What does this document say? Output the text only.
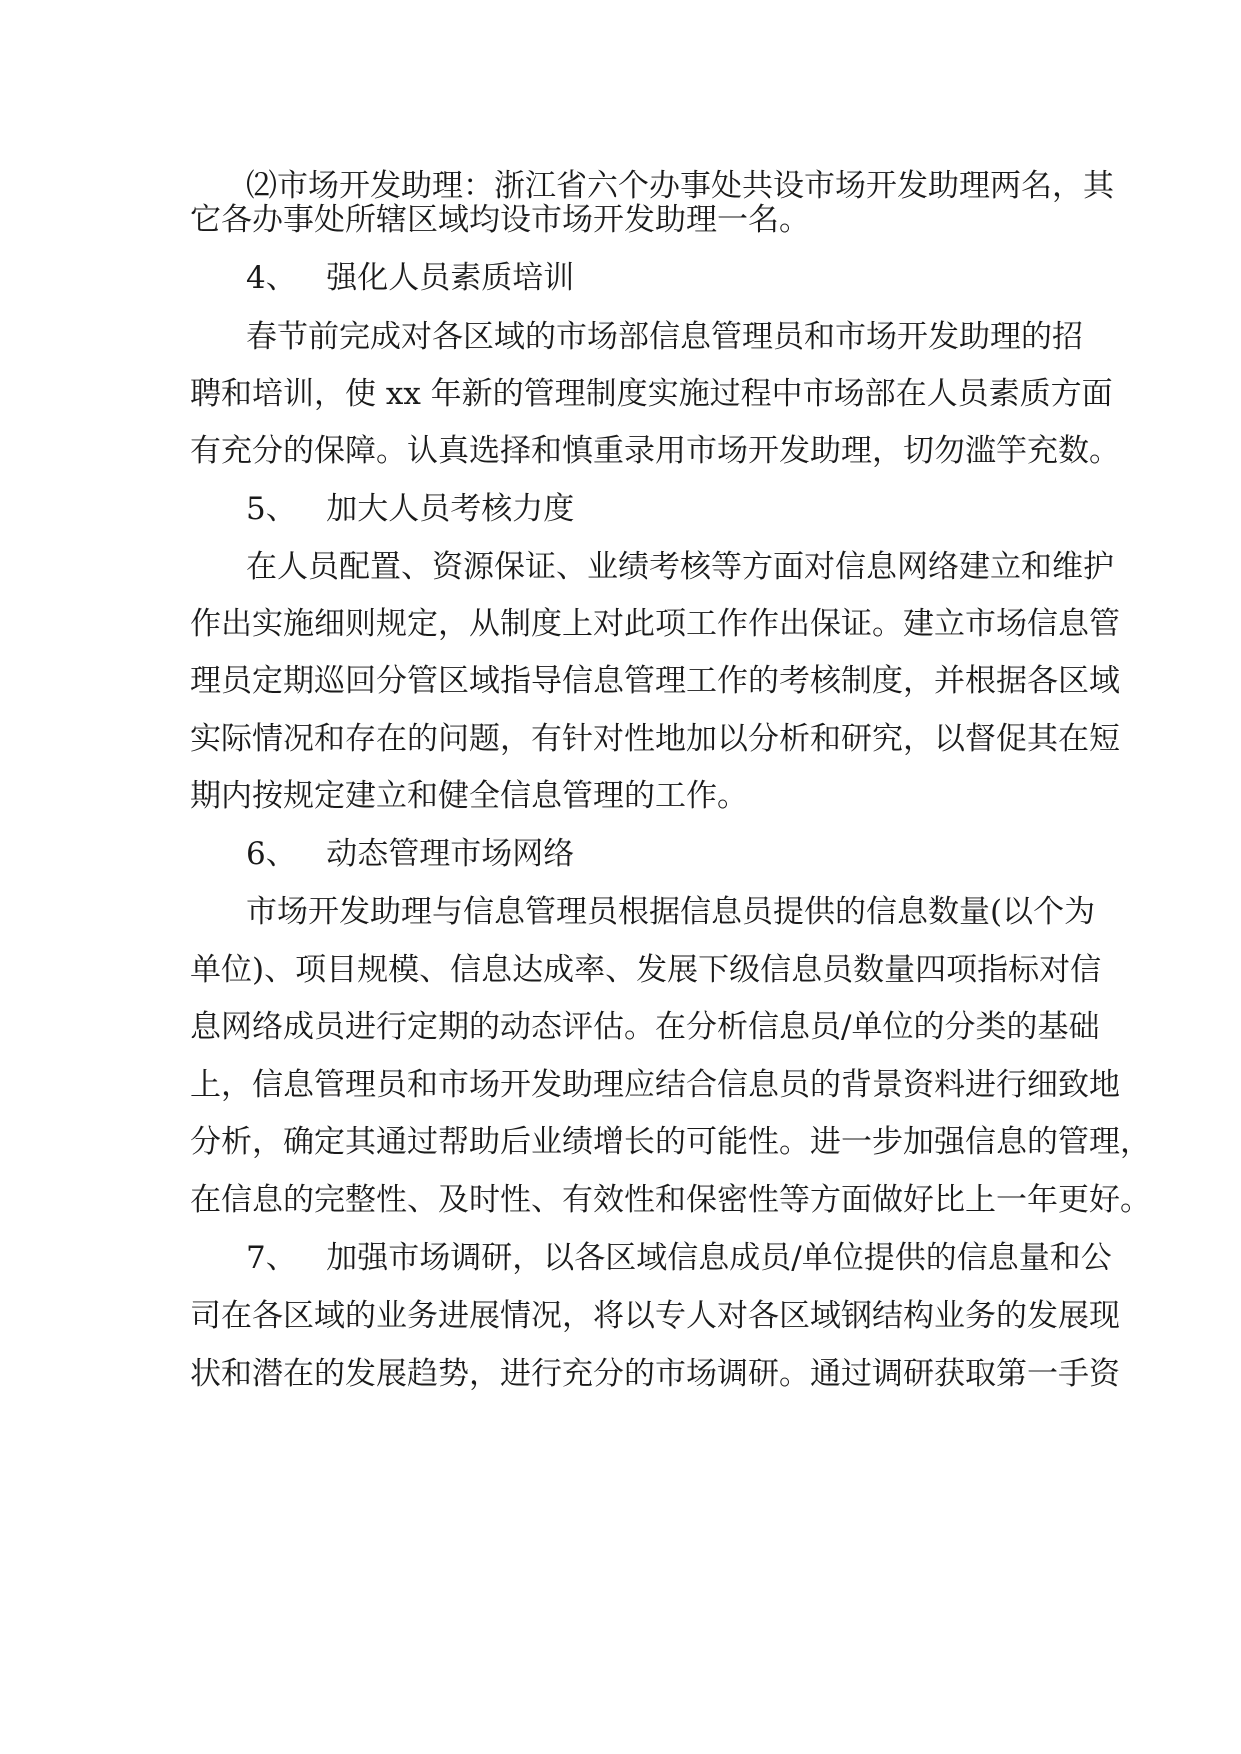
⑵市场开发助理：浙江省六个办事处共设市场开发助理两名，其

它各办事处所辖区域均设市场开发助理一名。

4、   强化人员素质培训

春节前完成对各区域的市场部信息管理员和市场开发助理的招

聘和培训，使 xx 年新的管理制度实施过程中市场部在人员素质方面

有充分的保障。认真选择和慎重录用市场开发助理，切勿滥竽充数。

5、   加大人员考核力度

在人员配置、资源保证、业绩考核等方面对信息网络建立和维护

作出实施细则规定，从制度上对此项工作作出保证。建立市场信息管

理员定期巡回分管区域指导信息管理工作的考核制度，并根据各区域

实际情况和存在的问题，有针对性地加以分析和研究，以督促其在短

期内按规定建立和健全信息管理的工作。

6、   动态管理市场网络

市场开发助理与信息管理员根据信息员提供的信息数量(以个为

单位)、项目规模、信息达成率、发展下级信息员数量四项指标对信

息网络成员进行定期的动态评估。在分析信息员/单位的分类的基础

上，信息管理员和市场开发助理应结合信息员的背景资料进行细致地

分析，确定其通过帮助后业绩增长的可能性。进一步加强信息的管理，

在信息的完整性、及时性、有效性和保密性等方面做好比上一年更好。

7、   加强市场调研，以各区域信息成员/单位提供的信息量和公

司在各区域的业务进展情况，将以专人对各区域钢结构业务的发展现

状和潜在的发展趋势，进行充分的市场调研。通过调研获取第一手资
